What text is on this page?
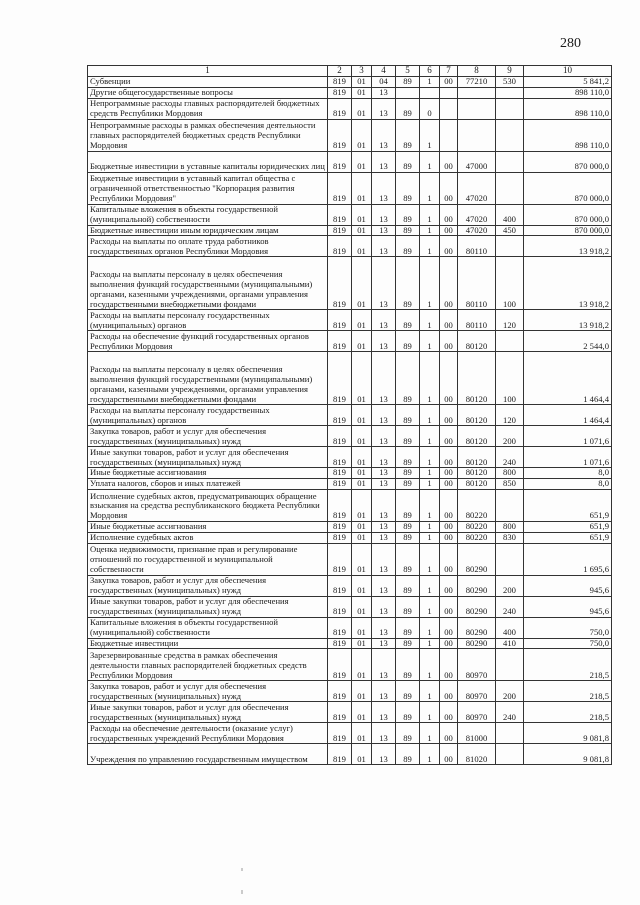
280
1	2	3	4	5	6	7	8	9	10
Субвенции	819	01	04	89	1	00	77210	530	5 841,2
Другие общегосударственные вопросы	819	01	13						898 110,0
Непрограммные расходы главных распорядителей бюджетных средств Республики Мордовия	819	01	13	89	0				898 110,0
Непрограммные расходы в рамках обеспечения деятельности главных распорядителей бюджетных средств Республики Мордовия	819	01	13	89	1				898 110,0
Бюджетные инвестиции в уставные капиталы юридических лиц	819	01	13	89	1	00	47000		870 000,0
Бюджетные инвестиции в уставный капитал общества с ограниченной ответственностью "Корпорация развития Республики Мордовия"	819	01	13	89	1	00	47020		870 000,0
Капитальные вложения в объекты государственной (муниципальной) собственности	819	01	13	89	1	00	47020	400	870 000,0
Бюджетные инвестиции иным юридическим лицам	819	01	13	89	1	00	47020	450	870 000,0
Расходы на выплаты по оплате труда работников государственных органов Республики Мордовия	819	01	13	89	1	00	80110		13 918,2
Расходы на выплаты персоналу в целях обеспечения выполнения функций государственными (муниципальными) органами, казенными учреждениями, органами управления государственными внебюджетными фондами	819	01	13	89	1	00	80110	100	13 918,2
Расходы на выплаты персоналу государственных (муниципальных) органов	819	01	13	89	1	00	80110	120	13 918,2
Расходы на обеспечение функций государственных органов Республики Мордовия	819	01	13	89	1	00	80120		2 544,0
Расходы на выплаты персоналу в целях обеспечения выполнения функций государственными (муниципальными) органами, казенными учреждениями, органами управления государственными внебюджетными фондами	819	01	13	89	1	00	80120	100	1 464,4
Расходы на выплаты персоналу государственных (муниципальных) органов	819	01	13	89	1	00	80120	120	1 464,4
Закупка товаров, работ и услуг для обеспечения государственных (муниципальных) нужд	819	01	13	89	1	00	80120	200	1 071,6
Иные закупки товаров, работ и услуг для обеспечения государственных (муниципальных) нужд	819	01	13	89	1	00	80120	240	1 071,6
Иные бюджетные ассигнования	819	01	13	89	1	00	80120	800	8,0
Уплата налогов, сборов и иных платежей	819	01	13	89	1	00	80120	850	8,0
Исполнение судебных актов, предусматривающих обращение взыскания на средства республиканского бюджета Республики Мордовия	819	01	13	89	1	00	80220		651,9
Иные бюджетные ассигнования	819	01	13	89	1	00	80220	800	651,9
Исполнение судебных актов	819	01	13	89	1	00	80220	830	651,9
Оценка недвижимости, признание прав и регулирование отношений по государственной и муниципальной собственности	819	01	13	89	1	00	80290		1 695,6
Закупка товаров, работ и услуг для обеспечения государственных (муниципальных) нужд	819	01	13	89	1	00	80290	200	945,6
Иные закупки товаров, работ и услуг для обеспечения государственных (муниципальных) нужд	819	01	13	89	1	00	80290	240	945,6
Капитальные вложения в объекты государственной (муниципальной) собственности	819	01	13	89	1	00	80290	400	750,0
Бюджетные инвестиции	819	01	13	89	1	00	80290	410	750,0
Зарезервированные средства в рамках обеспечения деятельности главных распорядителей бюджетных средств Республики Мордовия	819	01	13	89	1	00	80970		218,5
Закупка товаров, работ и услуг для обеспечения государственных (муниципальных) нужд	819	01	13	89	1	00	80970	200	218,5
Иные закупки товаров, работ и услуг для обеспечения государственных (муниципальных) нужд	819	01	13	89	1	00	80970	240	218,5
Расходы на обеспечение деятельности (оказание услуг) государственных учреждений Республики Мордовия	819	01	13	89	1	00	81000		9 081,8
Учреждения по управлению государственным имуществом	819	01	13	89	1	00	81020		9 081,8
